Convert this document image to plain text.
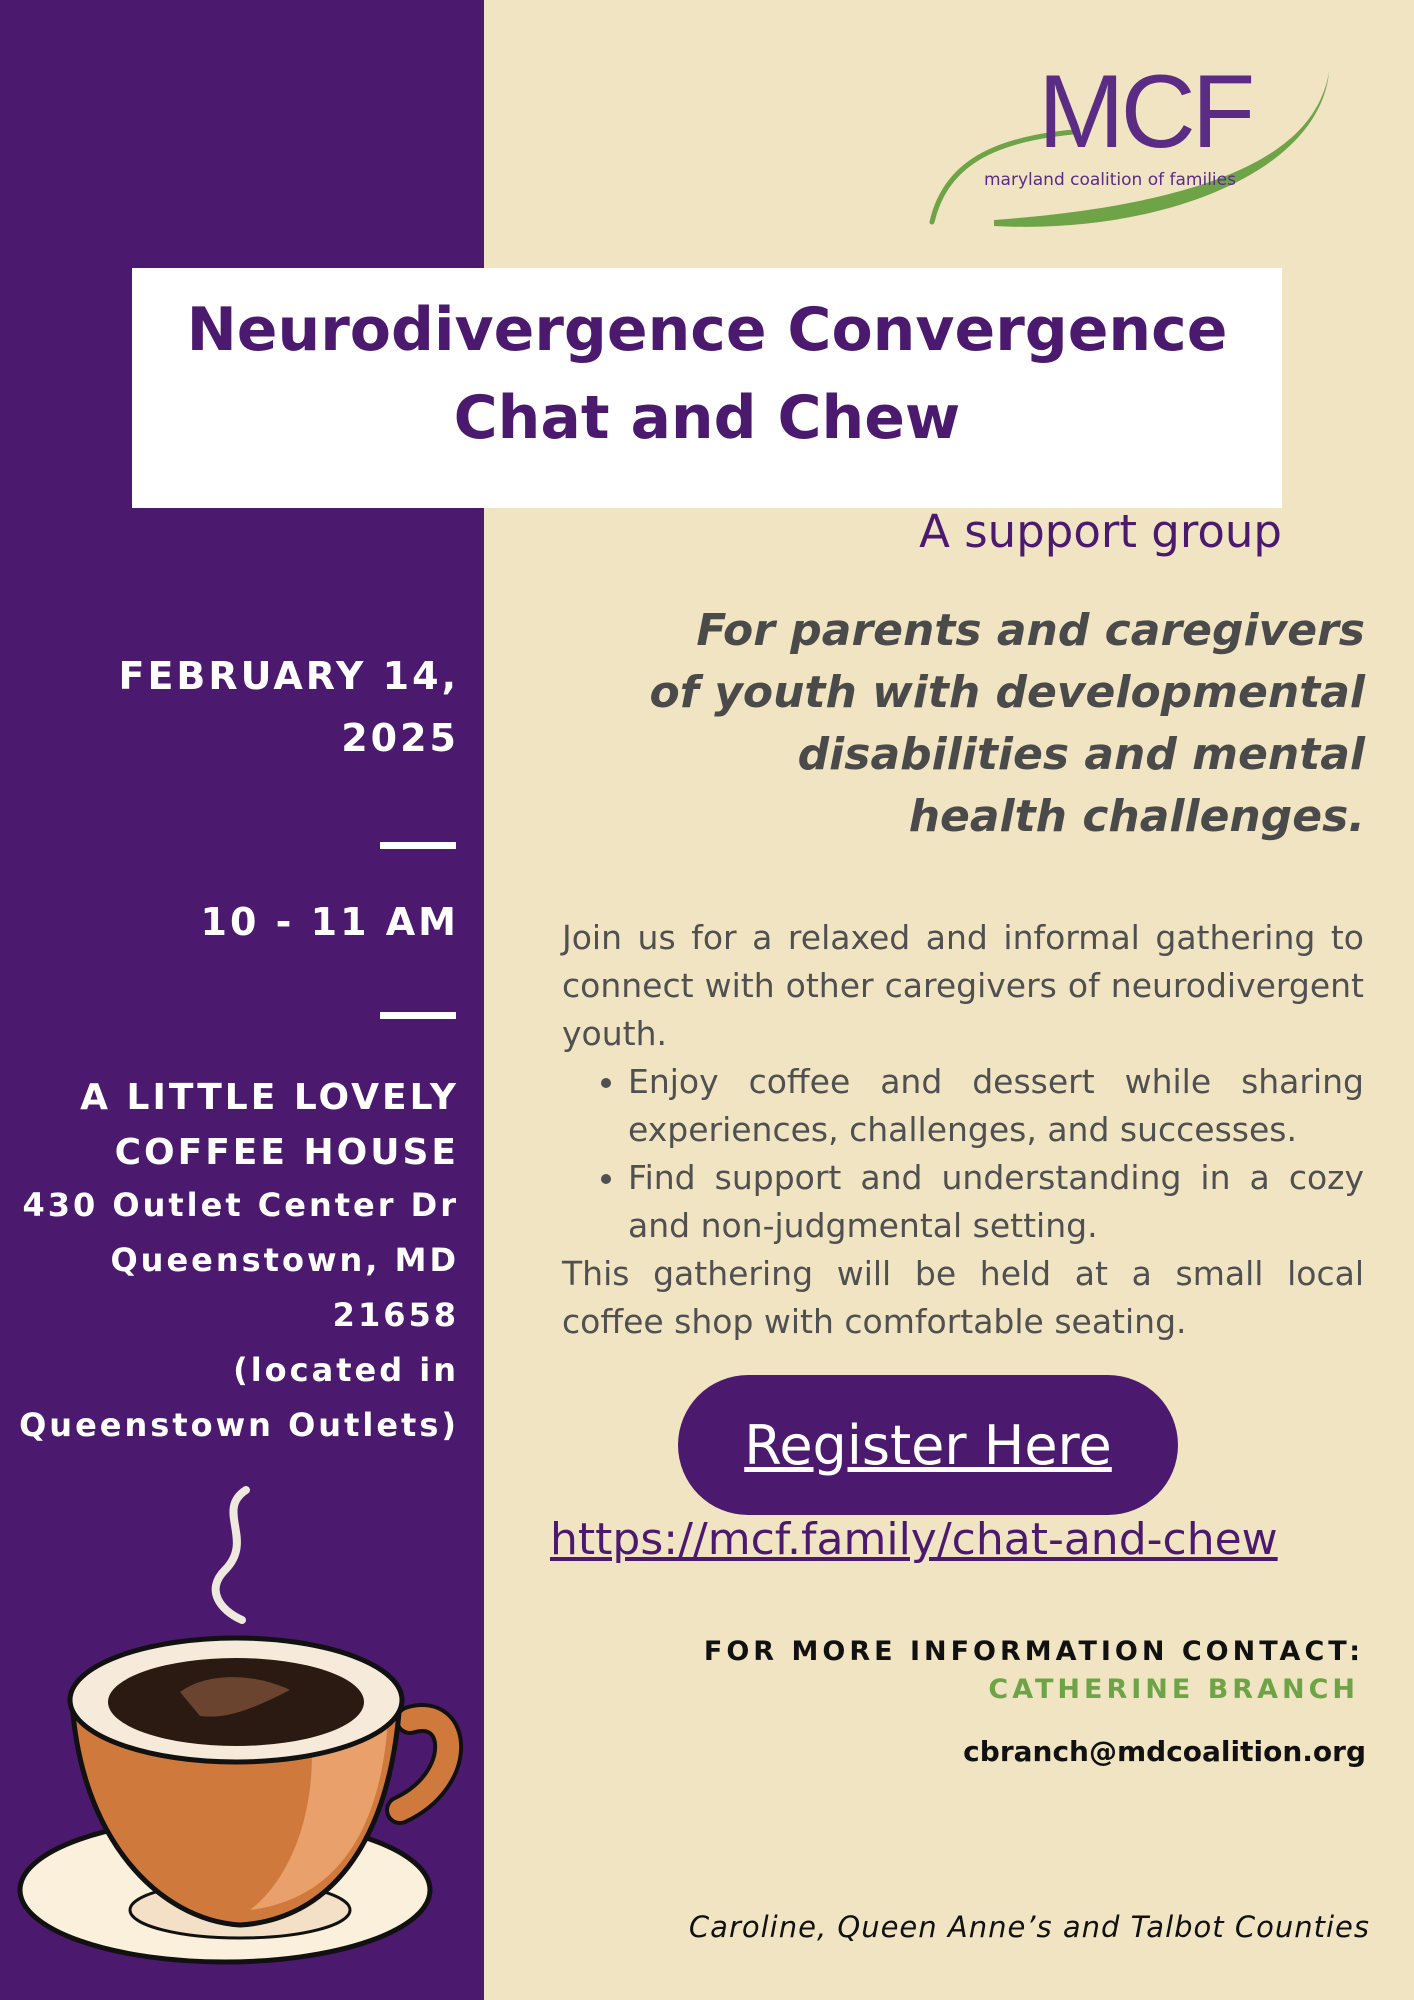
MCF
maryland coalition of families
Neurodivergence Convergence
Chat and Chew
A support group
For parents and caregivers of youth with developmental disabilities and mental health challenges.
FEBRUARY 14, 2025
10 - 11 AM
A LITTLE LOVELY COFFEE HOUSE
430 Outlet Center Dr
Queenstown, MD
21658
(located in
Queenstown Outlets)

Join us for a relaxed and informal gathering to connect with other caregivers of neurodivergent youth.

• Enjoy coffee and dessert while sharing experiences, challenges, and successes.
• Find support and understanding in a cozy and non-judgmental setting.

This gathering will be held at a small local coffee shop with comfortable seating.

Register Here
https://mcf.family/chat-and-chew
FOR MORE INFORMATION CONTACT:
CATHERINE BRANCH
cbranch@mdcoalition.org
Caroline, Queen Anne’s and Talbot Counties
